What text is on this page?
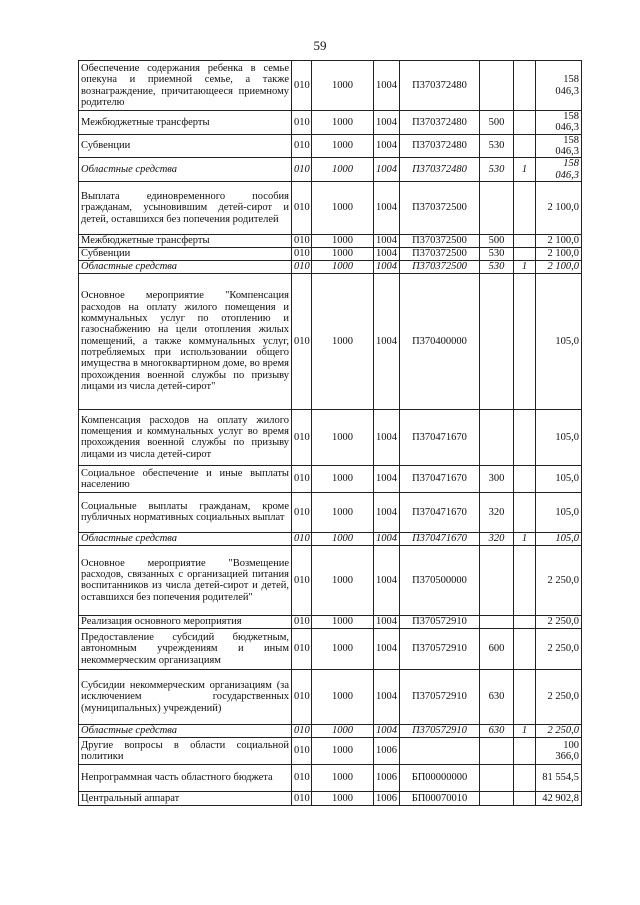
59
Обеспечение содержания ребенка в семье опекуна и приемной семье, а также вознаграждение, причитающееся приемному родителю	010	1000	1004	П370372480			158 046,3
Межбюджетные трансферты	010	1000	1004	П370372480	500		158 046,3
Субвенции	010	1000	1004	П370372480	530		158 046,3
Областные средства	010	1000	1004	П370372480	530	1	158 046,3
Выплата единовременного пособия гражданам, усыновившим детей-сирот и детей, оставшихся без попечения родителей	010	1000	1004	П370372500			2 100,0
Межбюджетные трансферты	010	1000	1004	П370372500	500		2 100,0
Субвенции	010	1000	1004	П370372500	530		2 100,0
Областные средства	010	1000	1004	П370372500	530	1	2 100,0
Основное мероприятие "Компенсация расходов на оплату жилого помещения и коммунальных услуг по отоплению и газоснабжению на цели отопления жилых помещений, а также коммунальных услуг, потребляемых при использовании общего имущества в многоквартирном доме, во время прохождения военной службы по призыву лицами из числа детей-сирот"	010	1000	1004	П370400000			105,0
Компенсация расходов на оплату жилого помещения и коммунальных услуг во время прохождения военной службы по призыву лицами из числа детей-сирот	010	1000	1004	П370471670			105,0
Социальное обеспечение и иные выплаты населению	010	1000	1004	П370471670	300		105,0
Социальные выплаты гражданам, кроме публичных нормативных социальных выплат	010	1000	1004	П370471670	320		105,0
Областные средства	010	1000	1004	П370471670	320	1	105,0
Основное мероприятие "Возмещение расходов, связанных с организацией питания воспитанников из числа детей-сирот и детей, оставшихся без попечения родителей"	010	1000	1004	П370500000			2 250,0
Реализация основного мероприятия	010	1000	1004	П370572910			2 250,0
Предоставление субсидий бюджетным, автономным учреждениям и иным некоммерческим организациям	010	1000	1004	П370572910	600		2 250,0
Субсидии некоммерческим организациям (за исключением государственных (муниципальных) учреждений)	010	1000	1004	П370572910	630		2 250,0
Областные средства	010	1000	1004	П370572910	630	1	2 250,0
Другие вопросы в области социальной политики	010	1000	1006				100 366,0
Непрограммная часть областного бюджета	010	1000	1006	БП00000000			81 554,5
Центральный аппарат	010	1000	1006	БП00070010			42 902,8
